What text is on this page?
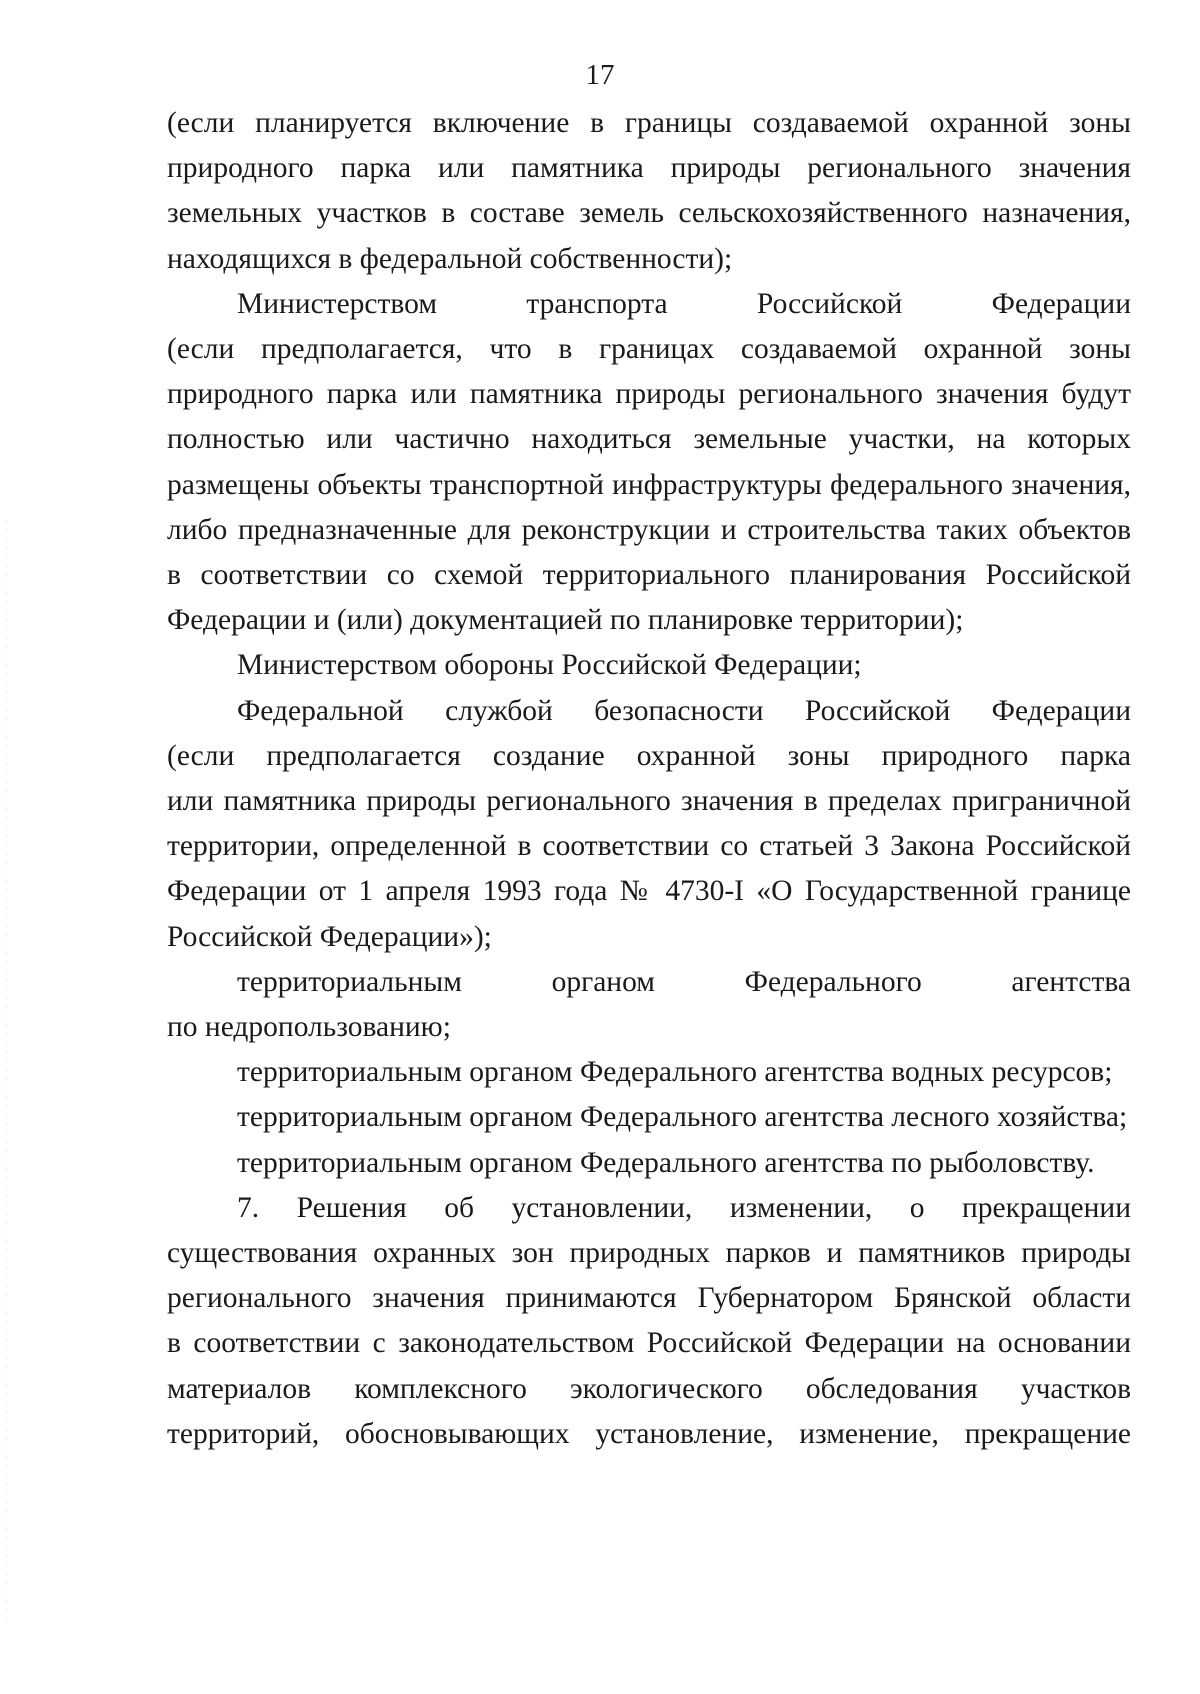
17
(если планируется включение в границы создаваемой охранной зоны
природного парка или памятника природы регионального значения
земельных участков в составе земель сельскохозяйственного назначения,
находящихся в федеральной собственности);
Министерством транспорта Российской Федерации
(если предполагается, что в границах создаваемой охранной зоны
природного парка или памятника природы регионального значения будут
полностью или частично находиться земельные участки, на которых
размещены объекты транспортной инфраструктуры федерального значения,
либо предназначенные для реконструкции и строительства таких объектов
в соответствии со схемой территориального планирования Российской
Федерации и (или) документацией по планировке территории);
Министерством обороны Российской Федерации;
Федеральной службой безопасности Российской Федерации
(если предполагается создание охранной зоны природного парка
или памятника природы регионального значения в пределах приграничной
территории, определенной в соответствии со статьей 3 Закона Российской
Федерации от 1 апреля 1993 года № 4730-I «О Государственной границе
Российской Федерации»);
территориальным органом Федерального агентства
по недропользованию;
территориальным органом Федерального агентства водных ресурсов;
территориальным органом Федерального агентства лесного хозяйства;
территориальным органом Федерального агентства по рыболовству.
7. Решения об установлении, изменении, о прекращении
существования охранных зон природных парков и памятников природы
регионального значения принимаются Губернатором Брянской области
в соответствии с законодательством Российской Федерации на основании
материалов комплексного экологического обследования участков
территорий, обосновывающих установление, изменение, прекращение
